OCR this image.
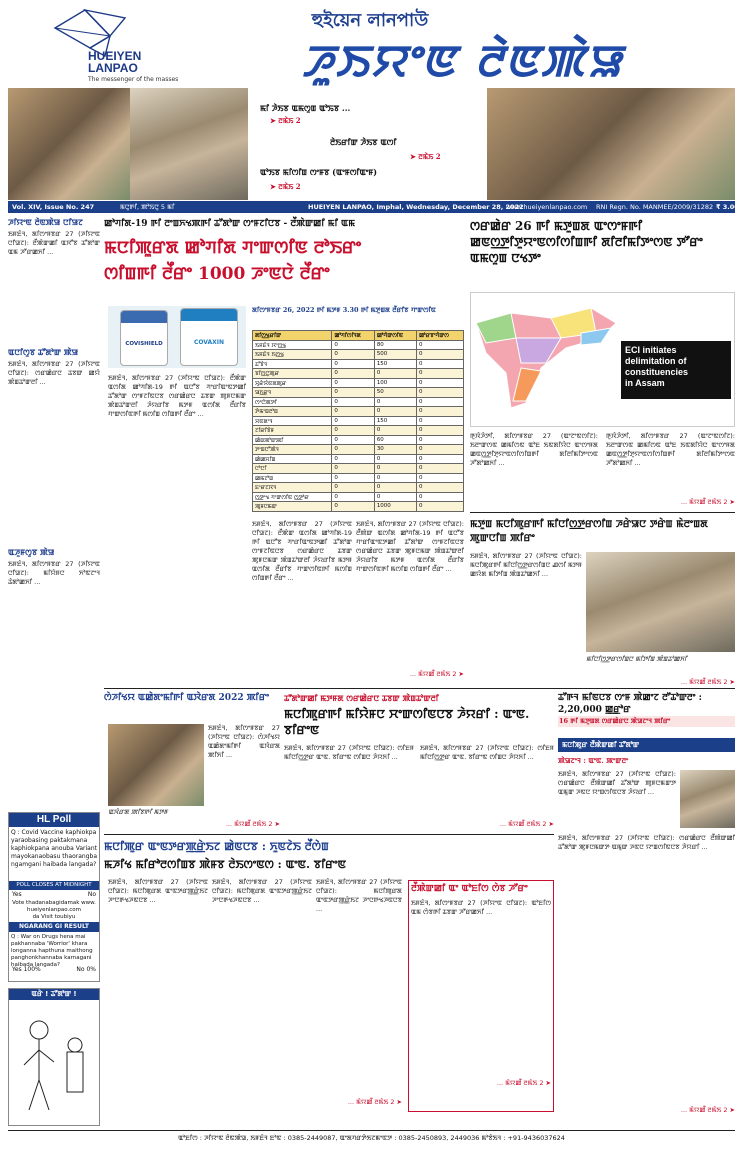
HUEIYEN
LANPAO
The messenger of the masses
হুইয়েন লানপাউ
ꯍꯨꯏꯌꯦꯟ ꯂꯥꯟꯄꯥꯎ
ꯃꯤ ꯍꯥꯏꯕ ꯑꯃꯁꯨꯡ ꯑꯣꯢꯕ ...
➤ ꯂꯃꯥꯏ 2
ꯂꯥꯏꯔꯤꯛ ꯍꯥꯏꯕ ꯑꯁꯤ
➤ ꯂꯃꯥꯏ 2
ꯑꯣꯏꯕ ꯃꯤꯁꯤꯡ ꯁꯦꯝꯕ (ꯑꯦꯝꯁꯤꯑꯦꯝ)
➤ ꯂꯃꯥꯏ 2
Vol. XIV, Issue No. 247	ꯃꯅꯨꯒꯤ, ꯄꯣꯢꯅꯨ 5 ꯃꯤ	HUEIYEN LANPAO, Imphal, Wednesday, December 28, 2022
www.hueiyenlanpao.com RNI Regn. No. MANMEE/2009/31282 ₹ 3.00
ꯍꯤꯌꯦꯟ ꯂꯥꯟꯄꯥꯎ ꯅꯤꯎꯖ
ꯏꯝꯐꯥꯜ, ꯗꯤꯁꯦꯝꯕꯔ 27 (ꯍꯤꯌꯦꯟ ꯅꯤꯎꯖ): ꯂꯩꯄꯥꯛꯀꯤ ꯑꯆꯧꯕ ꯊꯧꯗꯣꯛ ꯑꯃ ꯍꯧꯔꯀꯈꯤ ...
ꯑꯅꯤꯁꯨꯕ ꯊꯧꯗꯣꯛ ꯄꯥꯎ
ꯏꯝꯐꯥꯜ, ꯗꯤꯁꯦꯝꯕꯔ 27 (ꯍꯤꯌꯦꯟ ꯅꯤꯎꯖ): ꯁꯔꯀꯥꯔꯅ ꯊꯕꯛ ꯀꯌꯥ ꯄꯥꯡꯊꯣꯛꯂꯤ ...
ꯑꯍꯨꯝꯁꯨꯕ ꯄꯥꯎ
ꯏꯝꯐꯥꯜ, ꯗꯤꯁꯦꯝꯕꯔ 27 (ꯍꯤꯌꯦꯟ ꯅꯤꯎꯖ): ꯃꯤꯌꯥꯝꯅ ꯈꯣꯟꯖꯦꯜ ꯊꯥꯗꯣꯀꯈꯤ ...
HL Poll
Q : Covid Vaccine kaphiokpa yaraobasing paktakmana kaphiokpana anouba Variant mayokanaobasu thaorangba ngamgani haibada langada?
POLL CLOSES AT MIDNIGHT
Yes	No
Vote thadanabagidamak www.
hueiyenlanpao.com
da Visit toubiyu
NGARANG GI RESULT
Q : War on Drugs hena mai pakhannaba 'Worrior' khara longanna hapthuna maithong panghonkhannaba karnagani haibada langada?
Yes 100%	No 0%
ꯑꯔꯥ ! ꯊꯧꯗꯣꯛ !
ꯀꯣꯚꯤꯗ-19 ꯒꯤ ꯂꯦꯡꯈꯠꯄꯒꯤ ꯊꯧꯗꯣꯛ ꯁꯦꯝꯖꯤꯅꯕ - ꯂꯩꯄꯥꯛꯀꯤ ꯃꯤ ꯑꯃ
ꯃꯅꯤꯄꯨꯔꯗ ꯀꯣꯚꯤꯗ ꯚꯦꯛꯁꯤꯟ ꯂꯣꯏꯔꯦ
ꯁꯤꯡꯒꯤ ꯂꯩꯔꯦ 1000 ꯍꯦꯟꯅꯥ ꯂꯩꯔꯦ
COVISHIELD	COVAXIN
ꯗꯤꯁꯦꯝꯕꯔ 26, 2022 ꯒꯤ ꯃꯇꯝ 3.30 ꯒꯤ ꯃꯇꯨꯡꯗ ꯂꯩꯔꯤꯕ ꯚꯦꯛꯁꯤꯟ
ꯗꯤꯁ꯭ꯠꯔꯤꯛ	ꯀꯣꯚꯤꯁꯤꯜꯗ	ꯀꯣꯚꯥꯛꯁꯤꯟ	ꯀꯣꯔꯕꯦꯚꯥꯛꯁ
ꯏꯝꯐꯥꯜ ꯋꯦꯁ꯭ꯠ	0	80	0
ꯏꯝꯐꯥꯜ ꯏꯁ꯭ꯠ	0	500	0
ꯊꯧꯕꯥꯜ	0	150	0
ꯕꯤꯁ꯭ꯅꯨꯄꯨꯔ	0	0	0
ꯆꯨꯔꯥꯆꯥꯟꯗꯄꯨꯔ	0	100	0
ꯎꯈ꯭ꯔꯨꯜ	0	50	0
ꯁꯦꯅꯥꯄꯇꯤ	0	0	0
ꯇꯥꯃꯦꯡꯂꯣꯡ	0	0	0
ꯆꯟꯗꯦꯜ	0	150	0
ꯖꯤꯔꯤꯕꯥꯝ	0	0	0
ꯀꯥꯡꯄꯣꯛꯄꯤ	0	60	0
ꯇꯦꯡꯅꯧꯄꯥꯜ	0	30	0
ꯀꯥꯀꯆꯤꯡ	0	0	0
ꯅꯣꯅꯤ	0	0	0
ꯀꯃꯖꯣꯡ	0	0	0
ꯐꯦꯔꯖꯋꯜ	0	0	0
ꯁ꯭ꯇꯦꯠ ꯚꯦꯛꯁꯤꯟ ꯁ꯭ꯇꯣꯔ	0	0	0
ꯄꯨꯝꯅꯃꯛ	0	1000	0
ꯏꯝꯐꯥꯜ, ꯗꯤꯁꯦꯝꯕꯔ 27 (ꯍꯤꯌꯦꯟ ꯅꯤꯎꯖ): ꯂꯩꯄꯥꯛ ꯑꯁꯤꯗ ꯀꯣꯚꯤꯗ-19 ꯒꯤ ꯑꯅꯧꯕ ꯚꯦꯔꯤꯑꯦꯟꯇꯀꯤ ꯊꯧꯗꯣꯛ ꯁꯦꯝꯖꯤꯟꯅꯕ ꯁꯔꯀꯥꯔꯅ ꯊꯕꯛ ꯄꯨꯝꯅꯃꯛ ꯄꯥꯡꯊꯣꯛꯂꯤ ꯍꯥꯌꯔꯤꯕ ꯃꯇꯝ ꯑꯁꯤꯗ ꯂꯩꯔꯤꯕ ꯚꯦꯛꯁꯤꯟꯒꯤ ꯃꯁꯤꯡ ꯁꯤꯡꯒꯤ ꯂꯩꯔꯦ ...
ꯏꯝꯐꯥꯜ, ꯗꯤꯁꯦꯝꯕꯔ 27 (ꯍꯤꯌꯦꯟ ꯅꯤꯎꯖ): ꯂꯩꯄꯥꯛ ꯑꯁꯤꯗ ꯀꯣꯚꯤꯗ-19 ꯒꯤ ꯑꯅꯧꯕ ꯚꯦꯔꯤꯑꯦꯟꯇꯀꯤ ꯊꯧꯗꯣꯛ ꯁꯦꯝꯖꯤꯟꯅꯕ ꯁꯔꯀꯥꯔꯅ ꯊꯕꯛ ꯄꯨꯝꯅꯃꯛ ꯄꯥꯡꯊꯣꯛꯂꯤ ꯍꯥꯌꯔꯤꯕ ꯃꯇꯝ ꯑꯁꯤꯗ ꯂꯩꯔꯤꯕ ꯚꯦꯛꯁꯤꯟꯒꯤ ꯃꯁꯤꯡ ꯁꯤꯡꯒꯤ ꯂꯩꯔꯦ ...
ꯏꯝꯐꯥꯜ, ꯗꯤꯁꯦꯝꯕꯔ 27 (ꯍꯤꯌꯦꯟ ꯅꯤꯎꯖ): ꯂꯩꯄꯥꯛ ꯑꯁꯤꯗ ꯀꯣꯚꯤꯗ-19 ꯒꯤ ꯑꯅꯧꯕ ꯚꯦꯔꯤꯑꯦꯟꯇꯀꯤ ꯊꯧꯗꯣꯛ ꯁꯦꯝꯖꯤꯟꯅꯕ ꯁꯔꯀꯥꯔꯅ ꯊꯕꯛ ꯄꯨꯝꯅꯃꯛ ꯄꯥꯡꯊꯣꯛꯂꯤ ꯍꯥꯌꯔꯤꯕ ꯃꯇꯝ ꯑꯁꯤꯗ ꯂꯩꯔꯤꯕ ꯚꯦꯛꯁꯤꯟꯒꯤ ꯃꯁꯤꯡ ꯁꯤꯡꯒꯤ ꯂꯩꯔꯦ ...
... ꯃꯥꯌꯀꯩ ꯂꯃꯥꯏ 2 ➤
ꯁꯔꯀꯥꯔ 26 ꯒꯤ ꯃꯇꯨꯡꯗ ꯑꯦꯁꯦꯝꯒꯤ ꯀꯟꯁ꯭ꯇꯤꯇꯨꯌꯦꯟꯁꯤꯁꯤꯡꯒꯤ ꯗꯤꯂꯤꯃꯤꯇꯦꯁꯟ ꯇꯧꯔꯦ ꯑꯃꯁꯨꯡ ꯅꯠꯇꯦ
ECI initiates
delimitation of
constituencies
in Assam
ꯒꯨꯋꯥꯍꯥꯇꯤ, ꯗꯤꯁꯦꯝꯕꯔ 27 (ꯑꯦꯖꯦꯟꯁꯤꯖ): ꯏꯂꯦꯛꯁꯟ ꯀꯃꯤꯁꯟ ꯑꯣꯐ ꯏꯟꯗꯤꯌꯥꯅ ꯑꯦꯁꯦꯝꯗ ꯀꯟꯁ꯭ꯇꯤꯇꯨꯌꯦꯟꯁꯤꯁꯤꯡꯒꯤ ꯗꯤꯂꯤꯃꯤꯇꯦꯁꯟ ꯍꯧꯗꯣꯀꯈꯤ ...
ꯒꯨꯋꯥꯍꯥꯇꯤ, ꯗꯤꯁꯦꯝꯕꯔ 27 (ꯑꯦꯖꯦꯟꯁꯤꯖ): ꯏꯂꯦꯛꯁꯟ ꯀꯃꯤꯁꯟ ꯑꯣꯐ ꯏꯟꯗꯤꯌꯥꯅ ꯑꯦꯁꯦꯝꯗ ꯀꯟꯁ꯭ꯇꯤꯇꯨꯌꯦꯟꯁꯤꯁꯤꯡꯒꯤ ꯗꯤꯂꯤꯃꯤꯇꯦꯁꯟ ꯍꯧꯗꯣꯀꯈꯤ ...
... ꯃꯥꯌꯀꯩ ꯂꯃꯥꯏ 2 ➤
ꯃꯇꯨꯡ ꯃꯅꯤꯄꯨꯔꯒꯤ ꯃꯤꯅꯤꯁ꯭ꯇꯔꯁꯤꯡ ꯍꯔꯥꯎꯅ ꯇꯔꯥꯡ ꯃꯥꯂꯦꯡꯗ ꯄꯨꯛꯅꯤꯡ ꯄꯤꯔꯦ
ꯏꯝꯐꯥꯜ, ꯗꯤꯁꯦꯝꯕꯔ 27 (ꯍꯤꯌꯦꯟ ꯅꯤꯎꯖ): ꯃꯅꯤꯄꯨꯔꯒꯤ ꯃꯤꯅꯤꯁ꯭ꯇꯔꯁꯤꯡꯅ ꯉꯁꯤ ꯃꯇꯝ ꯀꯌꯥꯗ ꯃꯤꯇꯤꯡ ꯄꯥꯡꯊꯣꯀꯈꯤ ...
ꯃꯤꯅꯤꯁ꯭ꯇꯔꯁꯤꯡꯅ ꯃꯤꯇꯤꯡ ꯄꯥꯡꯊꯣꯀꯈꯤ
... ꯃꯥꯌꯀꯩ ꯂꯃꯥꯏ 2 ➤
ꯁꯥꯍꯤꯠꯌ ꯑꯀꯥꯗꯦꯃꯤꯒꯤ ꯑꯋꯥꯔꯗ 2022 ꯄꯤꯔꯦ
ꯑꯋꯥꯔꯗ ꯄꯤꯕꯒꯤ ꯃꯇꯝ
ꯏꯝꯐꯥꯜ, ꯗꯤꯁꯦꯝꯕꯔ 27 (ꯍꯤꯌꯦꯟ ꯅꯤꯎꯖ): ꯁꯥꯍꯤꯠꯌ ꯑꯀꯥꯗꯦꯃꯤꯒꯤ ꯑꯋꯥꯔꯗ ꯄꯤꯈꯤ ...
... ꯃꯥꯌꯀꯩ ꯂꯃꯥꯏ 2 ➤
ꯊꯧꯗꯣꯛꯀꯤ ꯃꯇꯝꯗ ꯁꯔꯀꯥꯔꯅ ꯊꯕꯛ ꯄꯥꯡꯊꯣꯛꯂꯤ
ꯃꯅꯤꯄꯨꯔꯒꯤ ꯃꯤꯌꯥꯝꯅ ꯆꯦꯛꯁꯤꯟꯅꯕ ꯍꯥꯌꯔꯤ : ꯑꯦꯟ. ꯕꯤꯔꯦꯟ
ꯏꯝꯐꯥꯜ, ꯗꯤꯁꯦꯝꯕꯔ 27 (ꯍꯤꯌꯦꯟ ꯅꯤꯎꯖ): ꯁꯤꯐꯝ ꯃꯤꯅꯤꯁ꯭ꯇꯔ ꯑꯦꯟ. ꯕꯤꯔꯦꯟ ꯁꯤꯡꯅ ꯍꯥꯌꯈꯤ ...
ꯏꯝꯐꯥꯜ, ꯗꯤꯁꯦꯝꯕꯔ 27 (ꯍꯤꯌꯦꯟ ꯅꯤꯎꯖ): ꯁꯤꯐꯝ ꯃꯤꯅꯤꯁ꯭ꯇꯔ ꯑꯦꯟ. ꯕꯤꯔꯦꯟ ꯁꯤꯡꯅ ꯍꯥꯌꯈꯤ ...
... ꯃꯥꯌꯀꯩ ꯂꯃꯥꯏ 2 ➤
ꯊꯧꯒꯜ ꯃꯤꯟꯅꯕ ꯁꯦꯝ ꯄꯥꯀꯦꯖ ꯂꯧꯊꯣꯛꯂꯦ : 2,20,000 ꯀ꯭ꯔꯣꯔ
16 ꯒꯤ ꯃꯇꯨꯡꯗ ꯁꯔꯀꯥꯔꯅ ꯄꯥꯎꯖꯦꯜ ꯄꯤꯔꯦ
ꯃꯅꯤꯄꯨꯔ ꯂꯩꯄꯥꯛꯀꯤ ꯊꯧꯗꯣꯛ
ꯄꯥꯎꯖꯦꯜ : ꯑꯦꯟ. ꯄꯦꯛꯂꯦ
ꯏꯝꯐꯥꯜ, ꯗꯤꯁꯦꯝꯕꯔ 27 (ꯍꯤꯌꯦꯟ ꯅꯤꯎꯖ): ꯁꯔꯀꯥꯔꯅ ꯂꯩꯄꯥꯛꯀꯤ ꯊꯧꯗꯣꯛ ꯄꯨꯝꯅꯃꯛꯇ ꯑꯃꯨꯛ ꯍꯟꯅ ꯌꯦꯡꯁꯤꯟꯅꯕ ꯍꯥꯌꯔꯤ ...
ꯏꯝꯐꯥꯜ, ꯗꯤꯁꯦꯝꯕꯔ 27 (ꯍꯤꯌꯦꯟ ꯅꯤꯎꯖ): ꯁꯔꯀꯥꯔꯅ ꯂꯩꯄꯥꯛꯀꯤ ꯊꯧꯗꯣꯛ ꯄꯨꯝꯅꯃꯛꯇ ꯑꯃꯨꯛ ꯍꯟꯅ ꯌꯦꯡꯁꯤꯟꯅꯕ ꯍꯥꯌꯔꯤ ...
... ꯃꯥꯌꯀꯩ ꯂꯃꯥꯏ 2 ➤
ꯃꯅꯤꯄꯨꯔ ꯑꯦꯟꯇꯔꯄ꯭ꯔꯥꯏꯖ ꯀꯥꯟꯅꯕ : ꯈꯨꯟꯖꯥꯏ ꯂꯩꯁꯥꯡ
ꯃꯍꯤꯠ ꯃꯤꯔꯣꯂꯁꯤꯡꯕ ꯄꯥꯝꯕ ꯂꯥꯏꯁꯦꯟꯁ : ꯑꯦꯟ. ꯕꯤꯔꯦꯟ
ꯏꯝꯐꯥꯜ, ꯗꯤꯁꯦꯝꯕꯔ 27 (ꯍꯤꯌꯦꯟ ꯅꯤꯎꯖ): ꯃꯅꯤꯄꯨꯔꯗ ꯑꯦꯟꯇꯔꯄ꯭ꯔꯥꯏꯖ ꯍꯦꯅꯒꯠꯍꯟꯅꯕ ...
ꯏꯝꯐꯥꯜ, ꯗꯤꯁꯦꯝꯕꯔ 27 (ꯍꯤꯌꯦꯟ ꯅꯤꯎꯖ): ꯃꯅꯤꯄꯨꯔꯗ ꯑꯦꯟꯇꯔꯄ꯭ꯔꯥꯏꯖ ꯍꯦꯅꯒꯠꯍꯟꯅꯕ ...
ꯏꯝꯐꯥꯜ, ꯗꯤꯁꯦꯝꯕꯔ 27 (ꯍꯤꯌꯦꯟ ꯅꯤꯎꯖ): ꯃꯅꯤꯄꯨꯔꯗ ꯑꯦꯟꯇꯔꯄ꯭ꯔꯥꯏꯖ ꯍꯦꯅꯒꯠꯍꯟꯅꯕ ...
... ꯃꯥꯌꯀꯩ ꯂꯃꯥꯏ 2 ➤
ꯂꯩꯄꯥꯛꯀꯤ ꯑꯦ ꯑꯣꯐꯤꯁ ꯁꯥꯕ ꯍꯧꯔꯦ
ꯏꯝꯐꯥꯜ, ꯗꯤꯁꯦꯝꯕꯔ 27 (ꯍꯤꯌꯦꯟ ꯅꯤꯎꯖ): ꯑꯣꯐꯤꯁ ꯑꯃ ꯁꯥꯕꯒꯤ ꯊꯕꯛ ꯍꯧꯔꯀꯈꯤ ...
... ꯃꯥꯌꯀꯩ ꯂꯃꯥꯏ 2 ➤
ꯑꯣꯐꯤꯁ : ꯍꯤꯌꯦꯟ ꯂꯥꯟꯄꯥꯎ, ꯏꯝꯐꯥꯜ ꯐꯣꯟ : 0385-2449087, ꯑꯦꯗꯚꯔꯇꯥꯏꯖꯃꯦꯟꯇ : 0385-2450893, 2449036 ꯃꯣꯕꯥꯏꯜ : +91-9436037624
